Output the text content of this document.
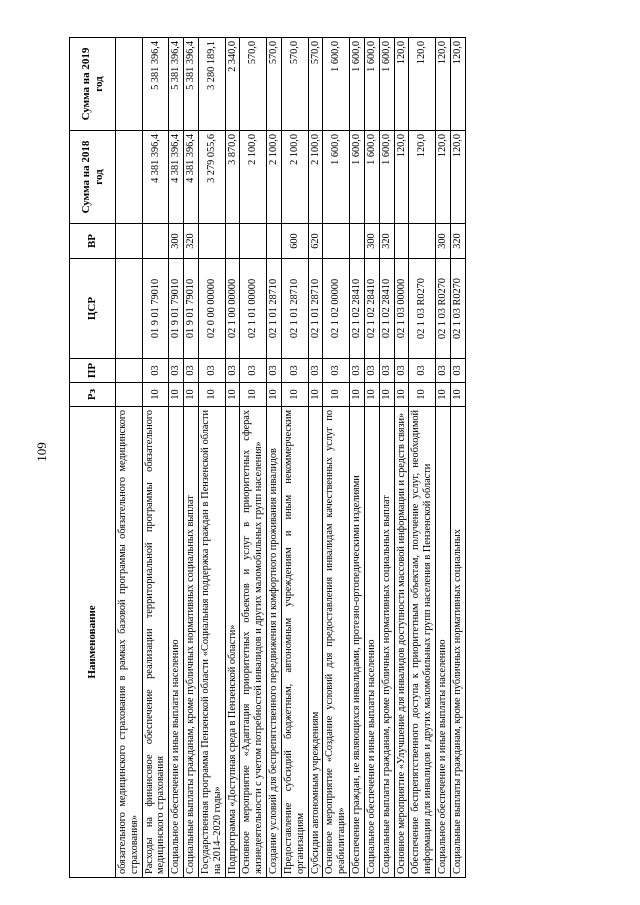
109
Наименование	Рз	ПР	ЦСР	ВР	Сумма на 2018 год	Сумма на 2019 год
обязательного медицинского страхования в рамках базовой программы обязательного медицинского страхования»						
Расходы на финансовое обеспечение реализации территориальной программы обязательного медицинского страхования	10	03	01 9 01 79010		4 381 396,4	5 381 396,4
Социальное обеспечение и иные выплаты населению	10	03	01 9 01 79010	300	4 381 396,4	5 381 396,4
Социальные выплаты гражданам, кроме публичных нормативных социальных выплат	10	03	01 9 01 79010	320	4 381 396,4	5 381 396,4
Государственная программа Пензенской области «Социальная поддержка граждан в Пензенской области на 2014–2020 годы»	10	03	02 0 00 00000		3 279 055,6	3 280 189,1
Подпрограмма «Доступная среда в Пензенской области»	10	03	02 1 00 00000		3 870,0	2 340,0
Основное мероприятие «Адаптация приоритетных объектов и услуг в приоритетных сферах жизнедеятельности с учетом потребностей инвалидов и других маломобильных групп населения»	10	03	02 1 01 00000		2 100,0	570,0
Создание условий для беспрепятственного передвижения и комфортного проживания инвалидов	10	03	02 1 01 28710		2 100,0	570,0
Предоставление субсидий бюджетным, автономным учреждениям и иным некоммерческим организациям	10	03	02 1 01 28710	600	2 100,0	570,0
Субсидии автономным учреждениям	10	03	02 1 01 28710	620	2 100,0	570,0
Основное мероприятие «Создание условий для предоставления инвалидам качественных услуг по реабилитации»	10	03	02 1 02 00000		1 600,0	1 600,0
Обеспечение граждан, не являющихся инвалидами, протезно-ортопедическими изделиями	10	03	02 1 02 28410		1 600,0	1 600,0
Социальное обеспечение и иные выплаты населению	10	03	02 1 02 28410	300	1 600,0	1 600,0
Социальные выплаты гражданам, кроме публичных нормативных социальных выплат	10	03	02 1 02 28410	320	1 600,0	1 600,0
Основное мероприятие «Улучшение для инвалидов доступности массовой информации и средств связи»	10	03	02 1 03 00000		120,0	120,0
Обеспечение беспрепятственного доступа к приоритетным объектам, получение услуг, необходимой информации для инвалидов и других маломобильных групп населения в Пензенской области	10	03	02 1 03 R0270		120,0	120,0
Социальное обеспечение и иные выплаты населению	10	03	02 1 03 R0270	300	120,0	120,0
Социальные выплаты гражданам, кроме публичных нормативных социальных	10	03	02 1 03 R0270	320	120,0	120,0
